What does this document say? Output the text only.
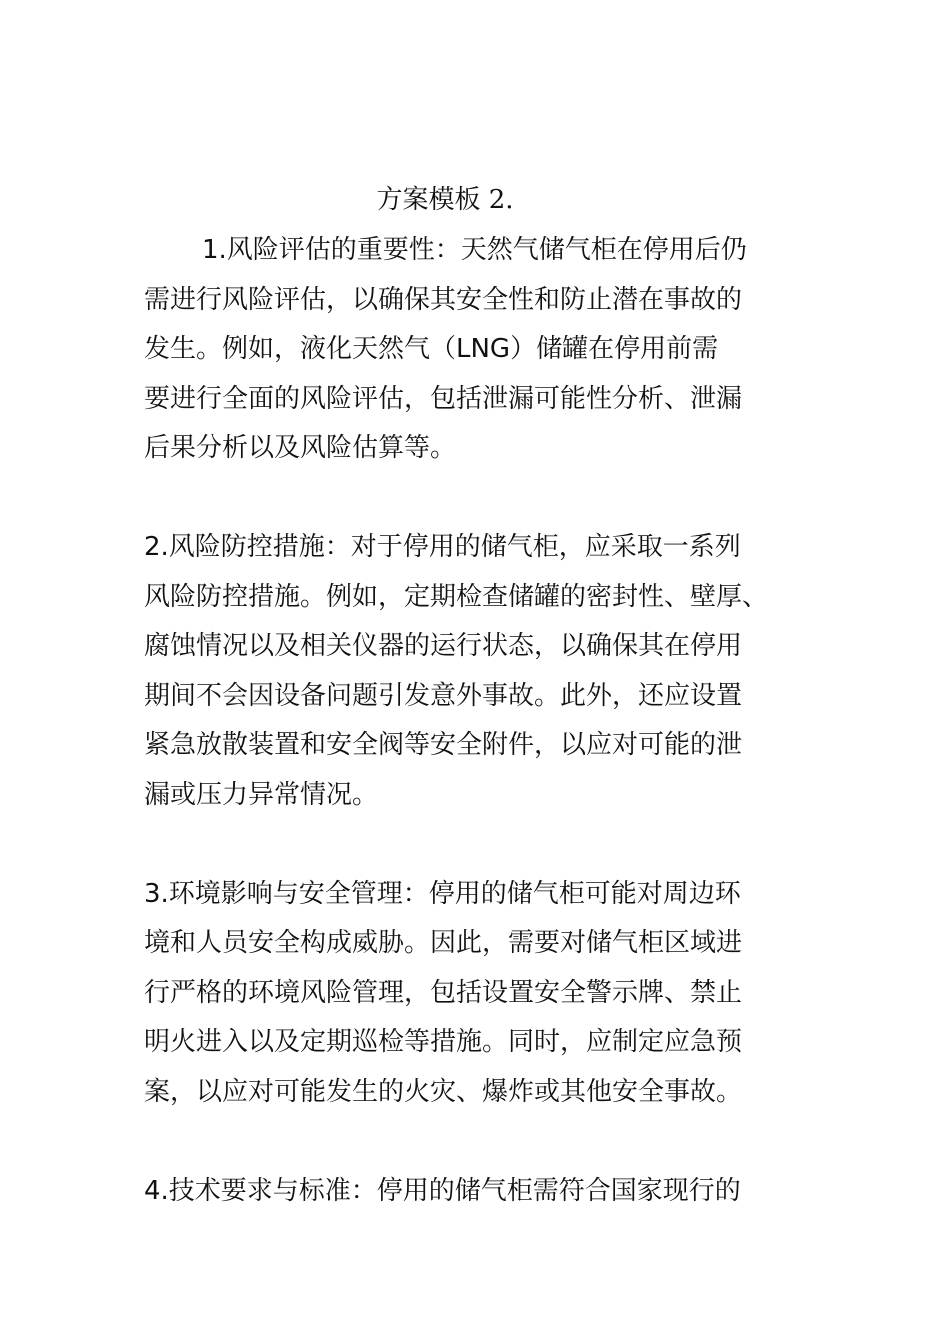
方案模板 2.
1.风险评估的重要性：天然气储气柜在停用后仍
需进行风险评估，以确保其安全性和防止潜在事故的
发生。例如，液化天然气（LNG）储罐在停用前需
要进行全面的风险评估，包括泄漏可能性分析、泄漏
后果分析以及风险估算等。
2.风险防控措施：对于停用的储气柜，应采取一系列
风险防控措施。例如，定期检查储罐的密封性、壁厚、
腐蚀情况以及相关仪器的运行状态，以确保其在停用
期间不会因设备问题引发意外事故。此外，还应设置
紧急放散装置和安全阀等安全附件，以应对可能的泄
漏或压力异常情况。
3.环境影响与安全管理：停用的储气柜可能对周边环
境和人员安全构成威胁。因此，需要对储气柜区域进
行严格的环境风险管理，包括设置安全警示牌、禁止
明火进入以及定期巡检等措施。同时，应制定应急预
案，以应对可能发生的火灾、爆炸或其他安全事故。
4.技术要求与标准：停用的储气柜需符合国家现行的
